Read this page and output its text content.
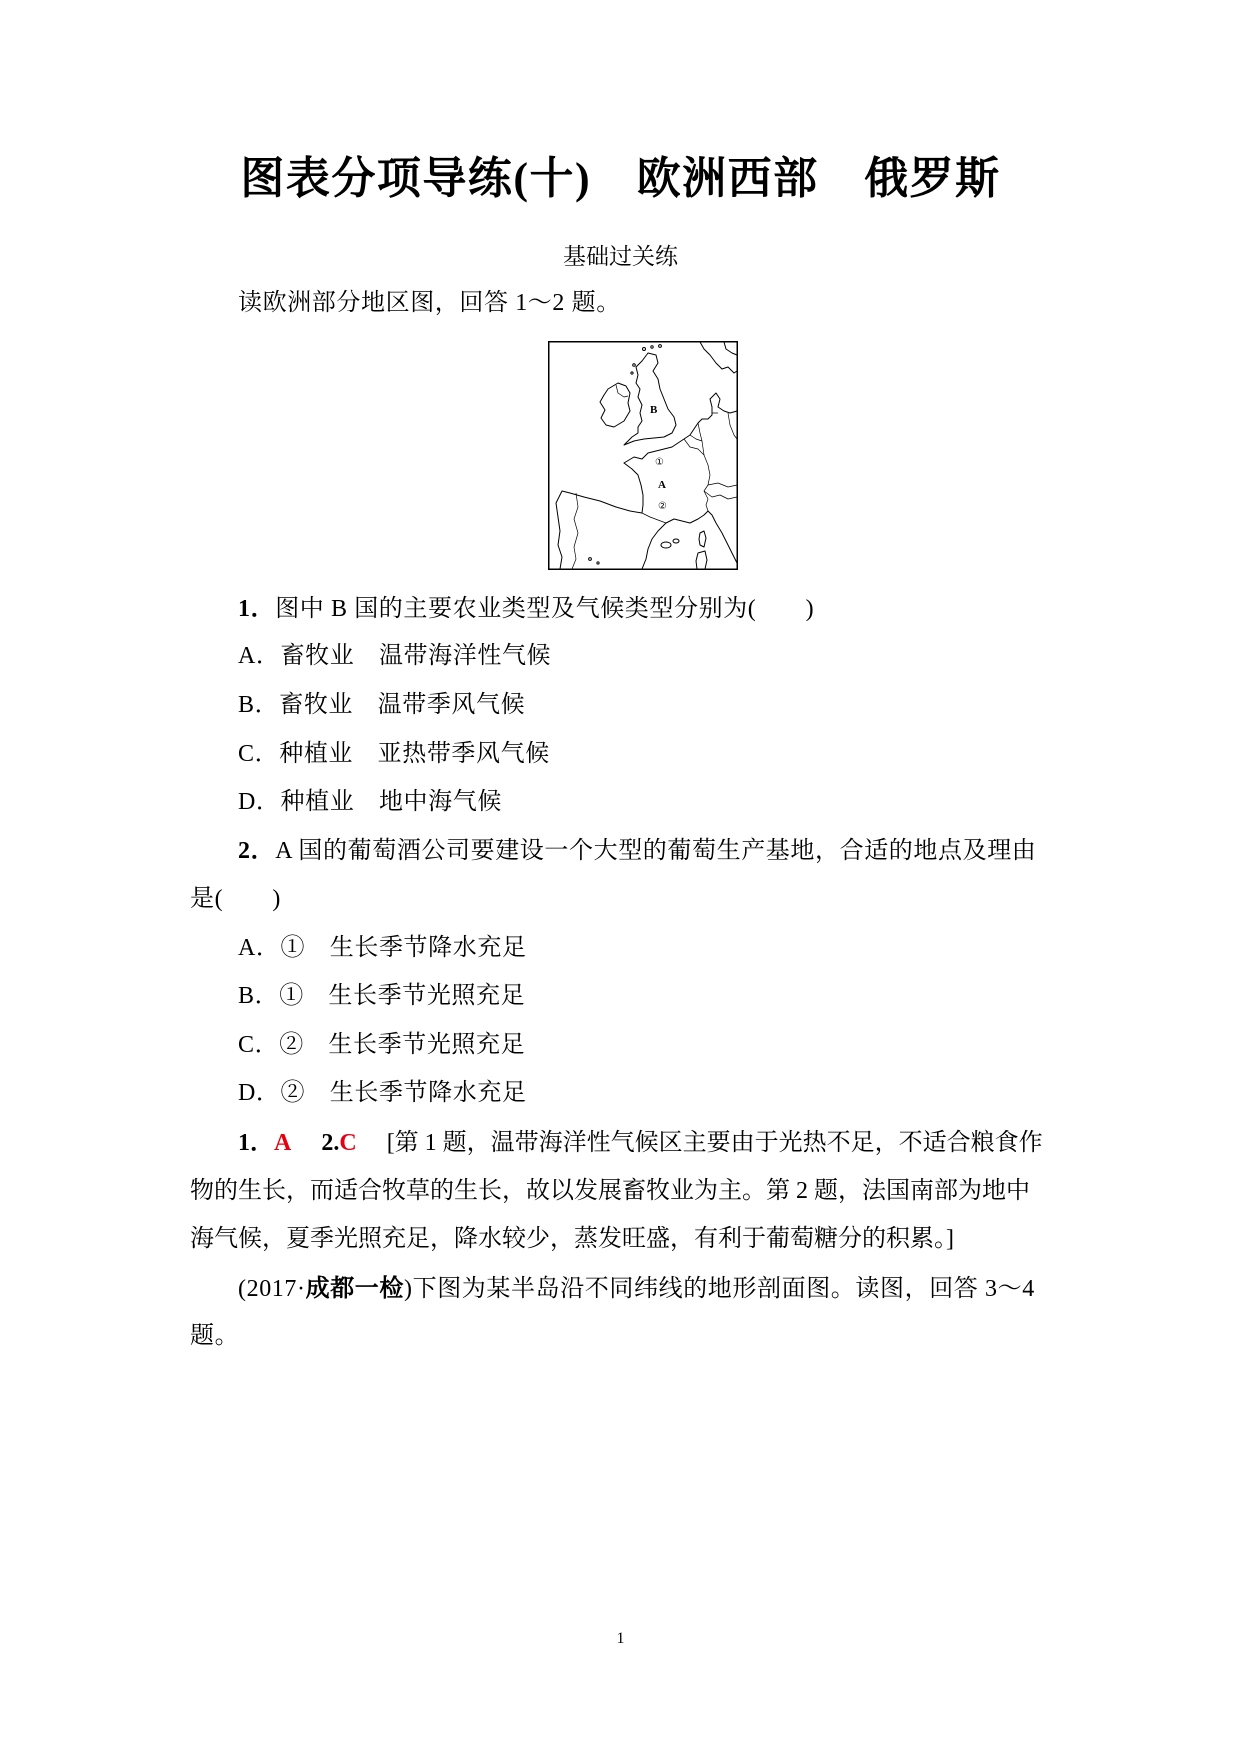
图表分项导练(十)　欧洲西部　俄罗斯
基础过关练
读欧洲部分地区图，回答 1～2 题。
B
①
A
②
1．图中 B 国的主要农业类型及气候类型分别为(　　)
A．畜牧业　温带海洋性气候
B．畜牧业　温带季风气候
C．种植业　亚热带季风气候
D．种植业　地中海气候
2．A 国的葡萄酒公司要建设一个大型的葡萄生产基地，合适的地点及理由
是(　　)
A．①　生长季节降水充足
B．①　生长季节光照充足
C．②　生长季节光照充足
D．②　生长季节降水充足
1．A 2.C [第 1 题，温带海洋性气候区主要由于光热不足，不适合粮食作
物的生长，而适合牧草的生长，故以发展畜牧业为主。第 2 题，法国南部为地中
海气候，夏季光照充足，降水较少，蒸发旺盛，有利于葡萄糖分的积累。]
(2017·成都一检)下图为某半岛沿不同纬线的地形剖面图。读图，回答 3～4
题。
1
